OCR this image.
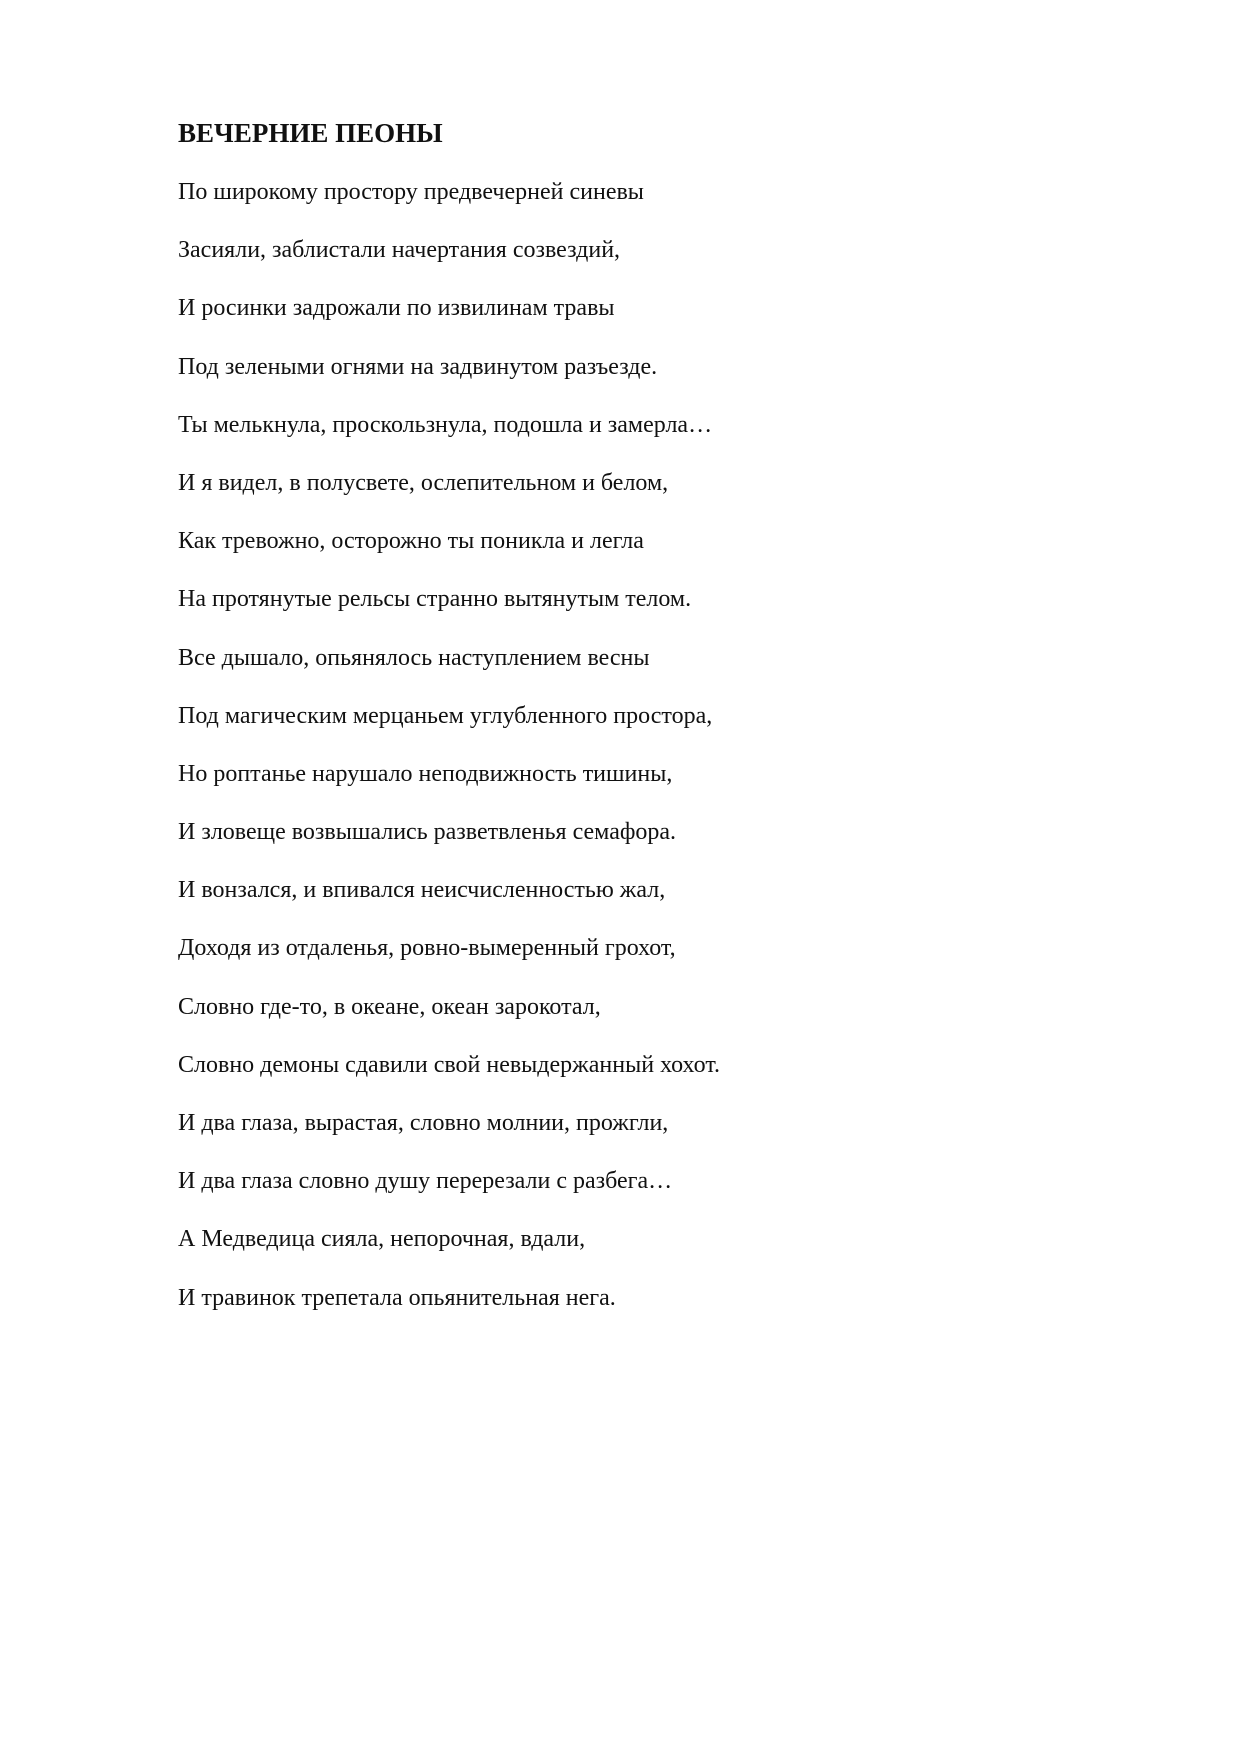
ВЕЧЕРНИЕ ПЕОНЫ
По широкому простору предвечерней синевы
Засияли, заблистали начертания созвездий,
И росинки задрожали по извилинам травы
Под зелеными огнями на задвинутом разъезде.
Ты мелькнула, проскользнула, подошла и замерла…
И я видел, в полусвете, ослепительном и белом,
Как тревожно, осторожно ты поникла и легла
На протянутые рельсы странно вытянутым телом.
Все дышало, опьянялось наступлением весны
Под магическим мерцаньем углубленного простора,
Но роптанье нарушало неподвижность тишины,
И зловеще возвышались разветвленья семафора.
И вонзался, и впивался неисчисленностью жал,
Доходя из отдаленья, ровно-вымеренный грохот,
Словно где-то, в океане, океан зарокотал,
Словно демоны сдавили свой невыдержанный хохот.
И два глаза, вырастая, словно молнии, прожгли,
И два глаза словно душу перерезали с разбега…
А Медведица сияла, непорочная, вдали,
И травинок трепетала опьянительная нега.
